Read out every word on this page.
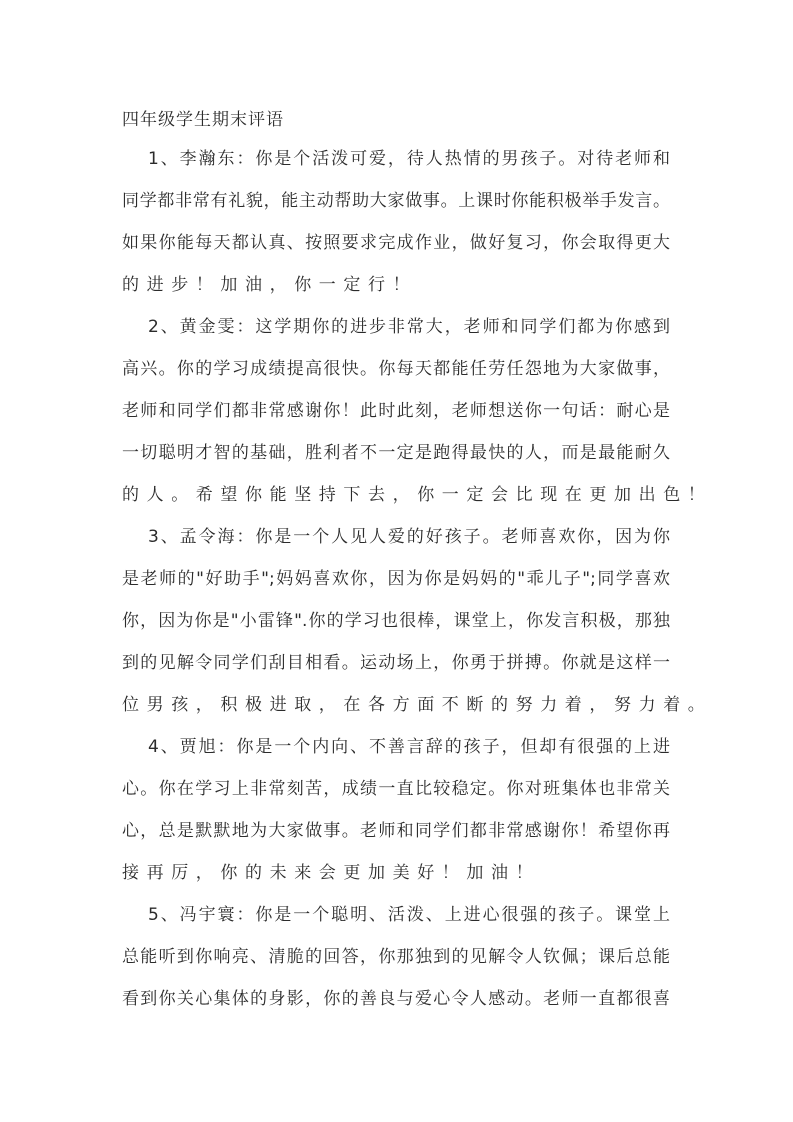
四年级学生期末评语
1、李瀚东：你是个活泼可爱，待人热情的男孩子。对待老师和
同学都非常有礼貌，能主动帮助大家做事。上课时你能积极举手发言。
如果你能每天都认真、按照要求完成作业，做好复习，你会取得更大
的进步！加油，你一定行！
2、黄金雯：这学期你的进步非常大，老师和同学们都为你感到
高兴。你的学习成绩提高很快。你每天都能任劳任怨地为大家做事，
老师和同学们都非常感谢你！此时此刻，老师想送你一句话：耐心是
一切聪明才智的基础，胜利者不一定是跑得最快的人，而是最能耐久
的人。希望你能坚持下去，你一定会比现在更加出色！
3、孟令海：你是一个人见人爱的好孩子。老师喜欢你，因为你
是老师的"好助手";妈妈喜欢你，因为你是妈妈的"乖儿子";同学喜欢
你，因为你是"小雷锋".你的学习也很棒，课堂上，你发言积极，那独
到的见解令同学们刮目相看。运动场上，你勇于拼搏。你就是这样一
位男孩，积极进取，在各方面不断的努力着，努力着。
4、贾旭：你是一个内向、不善言辞的孩子，但却有很强的上进
心。你在学习上非常刻苦，成绩一直比较稳定。你对班集体也非常关
心，总是默默地为大家做事。老师和同学们都非常感谢你！希望你再
接再厉，你的未来会更加美好！加油！
5、冯宇寰：你是一个聪明、活泼、上进心很强的孩子。课堂上
总能听到你响亮、清脆的回答，你那独到的见解令人钦佩；课后总能
看到你关心集体的身影，你的善良与爱心令人感动。老师一直都很喜
